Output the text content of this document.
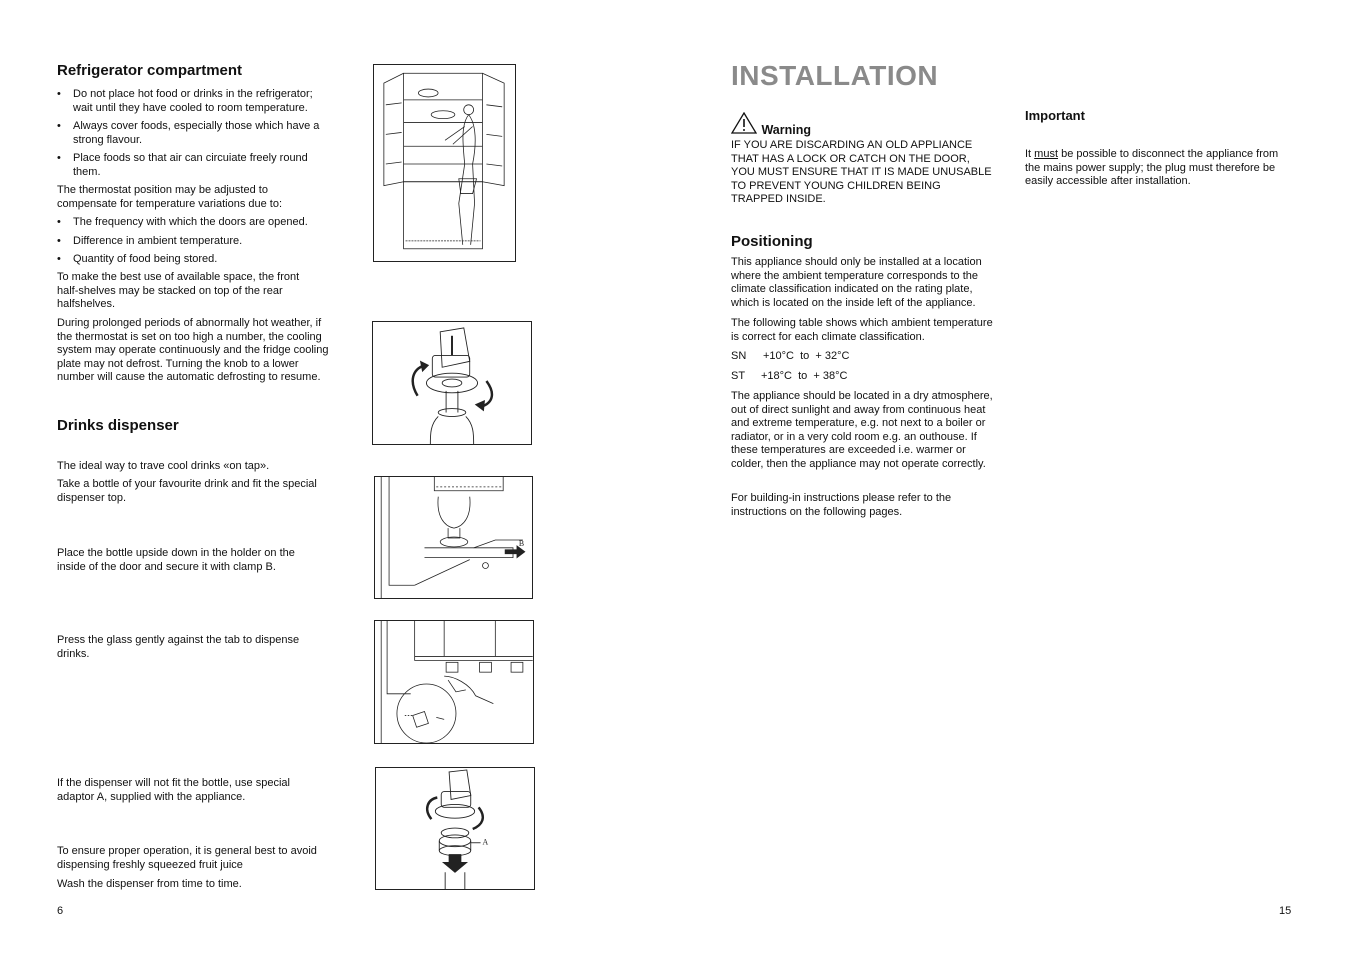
Refrigerator compartment
• Do not place hot food or drinks in the refrigerator; wait until they have cooled to room temperature.
• Always cover foods, especially those which have a strong flavour.
• Place foods so that air can circuiate freely round them.

The thermostat position may be adjusted to compensate for temperature variations due to:

• The frequency with which the doors are opened.
• Difference in ambient temperature.
• Quantity of food being stored.

To make the best use of available space, the front half-shelves may be stacked on top of the rear halfshelves.

During prolonged periods of abnormally hot weather, if the thermostat is set on too high a number, the cooling system may operate continuously and the fridge cooling plate may not defrost. Turning the knob to a lower number will cause the automatic defrosting to resume.

Drinks dispenser

The ideal way to trave cool drinks «on tap».

Take a bottle of your favourite drink and fit the special dispenser top.

Place the bottle upside down in the holder on the inside of the door and secure it with clamp B.

Press the glass gently against the tab to dispense drinks.

If the dispenser will not fit the bottle, use special adaptor A, supplied with the appliance.

To ensure proper operation, it is general best to avoid dispensing freshly squeezed fruit juice

Wash the dispenser from time to time.

6
B
A
INSTALLATION
Warning

IF YOU ARE DISCARDING AN OLD APPLIANCE THAT HAS A LOCK OR CATCH ON THE DOOR, YOU MUST ENSURE THAT IT IS MADE UNUSABLE TO PREVENT YOUNG CHILDREN BEING TRAPPED INSIDE.

Positioning

This appliance should only be installed at a location where the ambient temperature corresponds to the climate classification indicated on the rating plate, which is located on the inside left of the appliance.

The following table shows which ambient temperature is correct for each climate classification.

SN +10°C  to  + 32°C
ST +18°C  to  + 38°C

The appliance should be located in a dry atmosphere, out of direct sunlight and away from continuous heat and extreme temperature, e.g. not next to a boiler or radiator, or in a very cold room e.g. an outhouse. If these temperatures are exceeded i.e. warmer or colder, then the appliance may not operate correctly.

For building-in instructions please refer to the instructions on the following pages.

Important

It must be possible to disconnect the appliance from the mains power supply; the plug must therefore be easily accessible after installation.

15
